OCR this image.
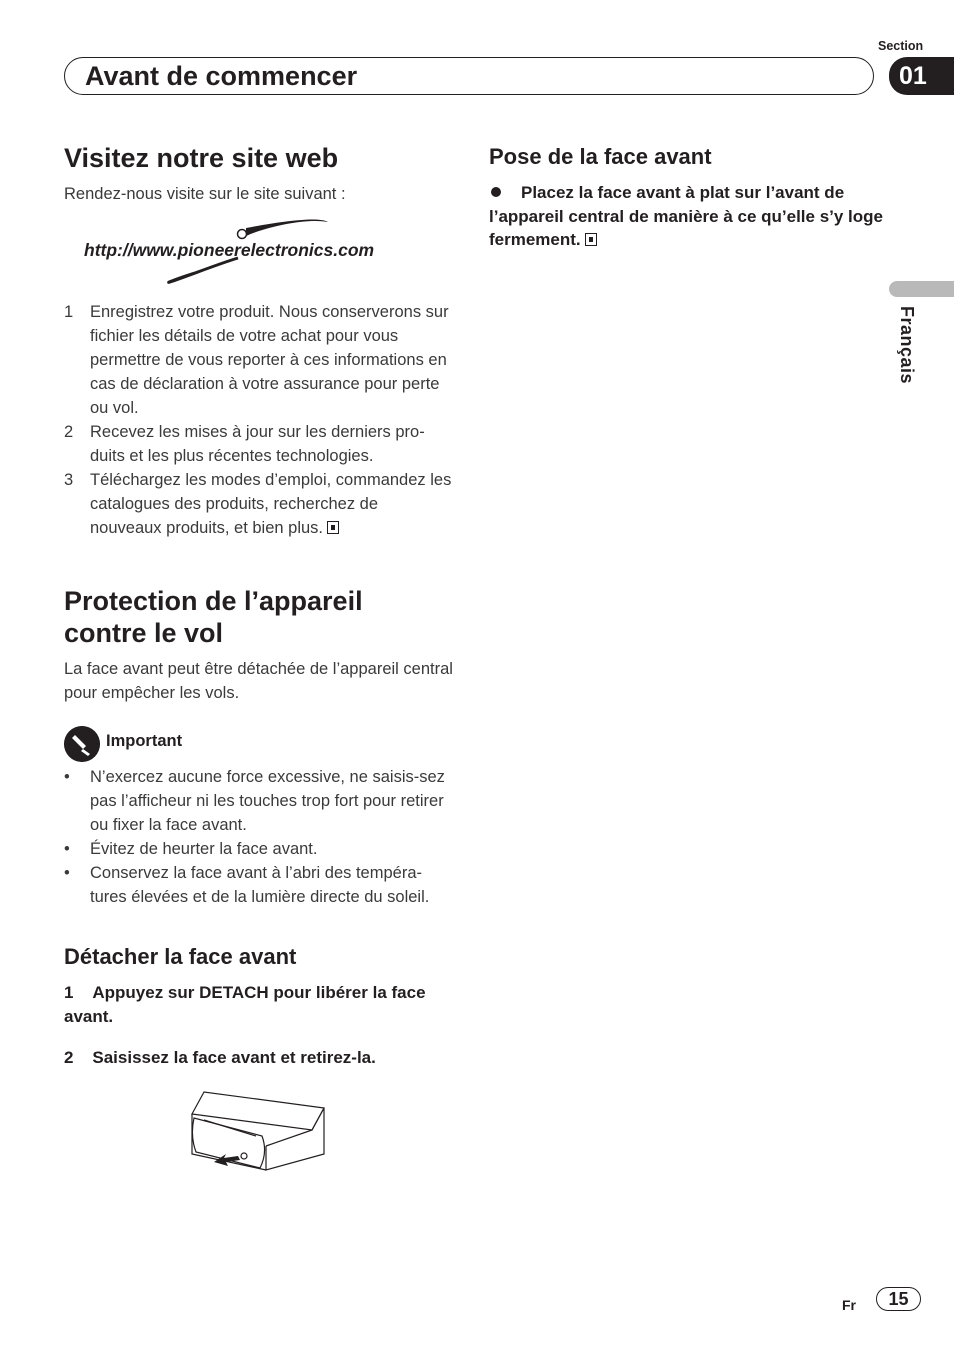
Avant de commencer
Section
01
Français
Visitez notre site web
Rendez-nous visite sur le site suivant :
http://www.pioneerelectronics.com
1 Enregistrez votre produit. Nous conserverons sur fichier les détails de votre achat pour vous permettre de vous reporter à ces informations en cas de déclaration à votre assurance pour perte ou vol.
2 Recevez les mises à jour sur les derniers pro-duits et les plus récentes technologies.
3 Téléchargez les modes d’emploi, commandez les catalogues des produits, recherchez de nouveaux produits, et bien plus.
Protection de l’appareil contre le vol
La face avant peut être détachée de l’appareil central pour empêcher les vols.
Important
• N’exercez aucune force excessive, ne saisis-sez pas l’afficheur ni les touches trop fort pour retirer ou fixer la face avant.
• Évitez de heurter la face avant.
• Conservez la face avant à l’abri des tempéra-tures élevées et de la lumière directe du soleil.
Détacher la face avant
1 Appuyez sur DETACH pour libérer la face avant.
2 Saisissez la face avant et retirez-la.
Pose de la face avant
Placez la face avant à plat sur l’avant de l’appareil central de manière à ce qu’elle s’y loge fermement.
Fr	15
